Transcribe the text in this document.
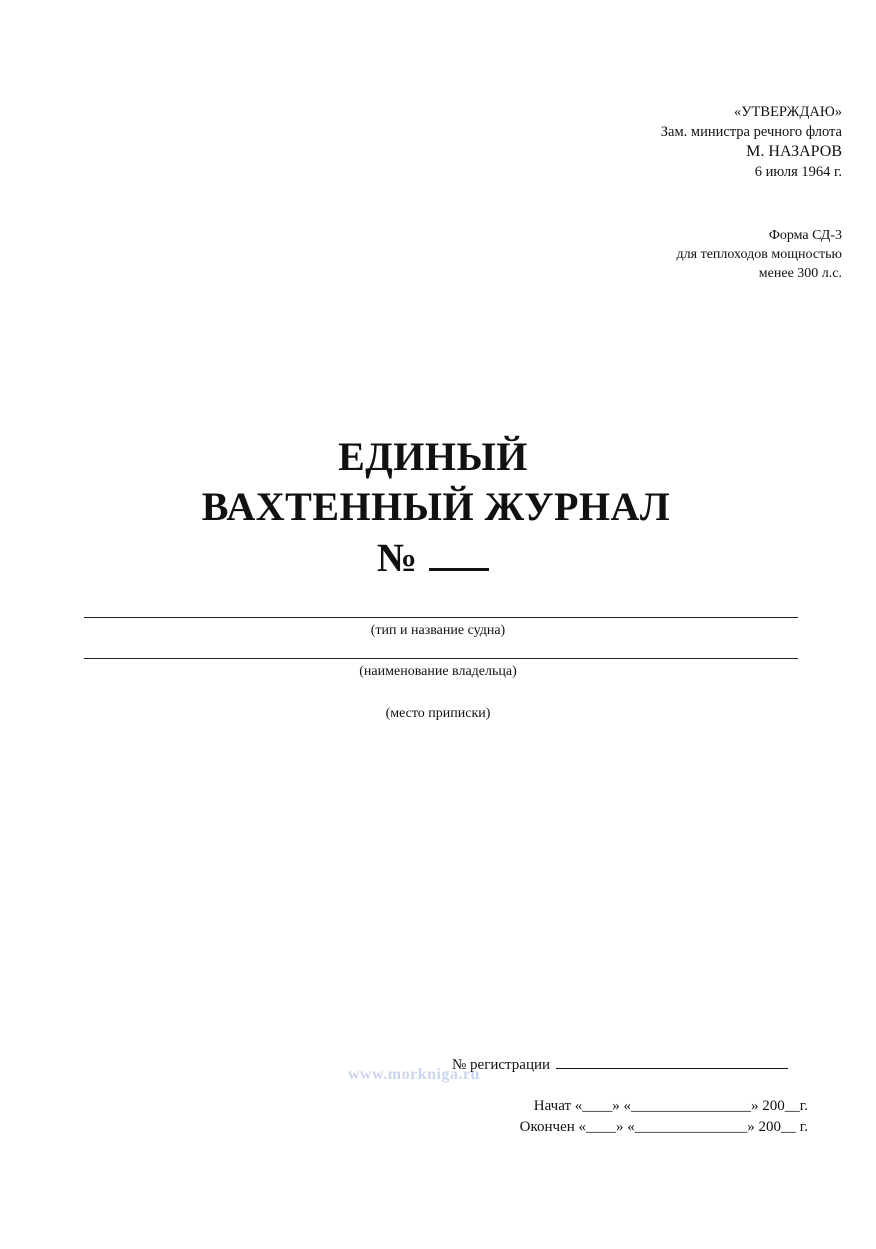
«УТВЕРЖДАЮ»
Зам. министра речного флота
М. НАЗАРОВ
6 июля 1964 г.
Форма СД-3
для теплоходов мощностью
менее 300 л.с.
ЕДИНЫЙ
ВАХТЕННЫЙ ЖУРНАЛ
№
(тип и название судна)
(наименование владельца)
(место приписки)
www.morkniga.ru
№ регистрации
Начат «____» «________________» 200__г.
Окончен «____» «_______________» 200__ г.
